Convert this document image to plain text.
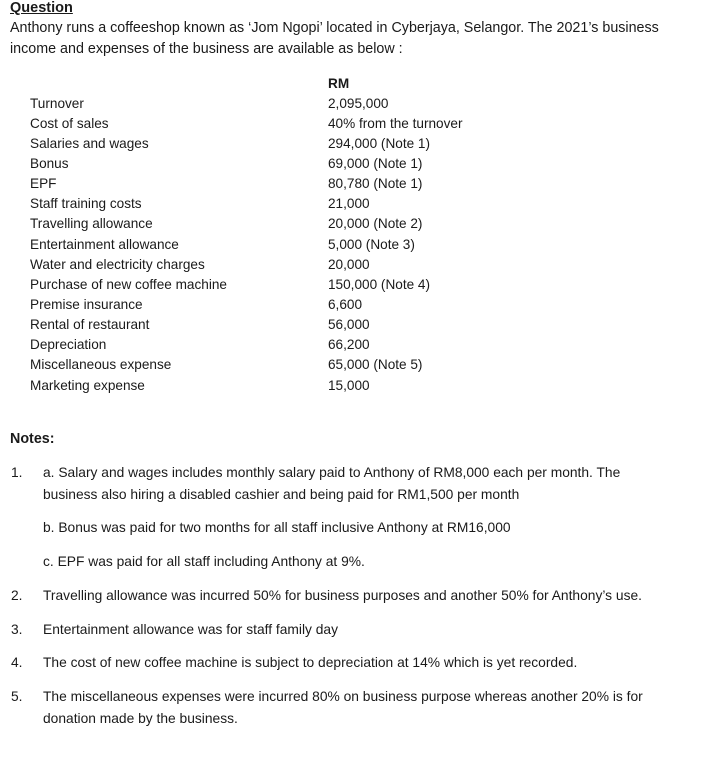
Question
Anthony runs a coffeeshop known as ‘Jom Ngopi’ located in Cyberjaya, Selangor. The 2021’s business
income and expenses of the business are available as below :
RM
Turnover	2,095,000
Cost of sales	40% from the turnover
Salaries and wages	294,000 (Note 1)
Bonus	69,000 (Note 1)
EPF	80,780 (Note 1)
Staff training costs	21,000
Travelling allowance	20,000 (Note 2)
Entertainment allowance	5,000 (Note 3)
Water and electricity charges	20,000
Purchase of new coffee machine	150,000 (Note 4)
Premise insurance	6,600
Rental of restaurant	56,000
Depreciation	66,200
Miscellaneous expense	65,000 (Note 5)
Marketing expense	15,000
Notes:
1. a. Salary and wages includes monthly salary paid to Anthony of RM8,000 each per month. The
business also hiring a disabled cashier and being paid for RM1,500 per month
b. Bonus was paid for two months for all staff inclusive Anthony at RM16,000
c. EPF was paid for all staff including Anthony at 9%.
2. Travelling allowance was incurred 50% for business purposes and another 50% for Anthony’s use.
3. Entertainment allowance was for staff family day
4. The cost of new coffee machine is subject to depreciation at 14% which is yet recorded.
5. The miscellaneous expenses were incurred 80% on business purpose whereas another 20% is for
donation made by the business.
